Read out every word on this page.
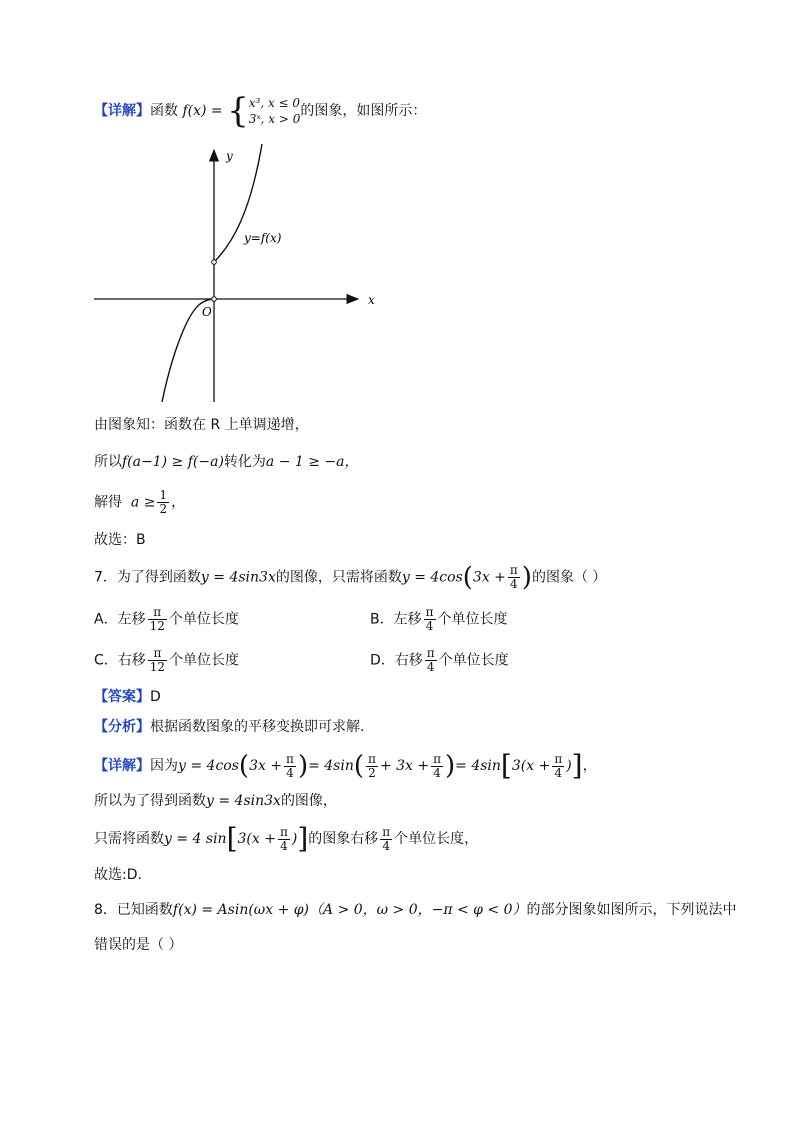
【详解】函数 f(x) = { x³, x ≤ 0
3ˣ, x > 0 的图象，如图所示：
y
x
O
y=f(x)
由图象知：函数在 R 上单调递增，
所以f(a−1) ≥ f(−a)转化为a − 1 ≥ −a，
解得 $a \ge \frac{1}{2}$ ，
故选：B
7．为了得到函数y = 4sin3x的图像，只需将函数$y = 4\cos(3x + \frac{\pi}{4}$ )的图象（ ）
A．左移 $\frac{\pi}{12}$ 个单位长度	B．左移 $\frac{\pi}{4}$ 个单位长度
C．右移 $\frac{\pi}{12}$ 个单位长度	D．右移 $\frac{\pi}{4}$ 个单位长度
【答案】D
【分析】根据函数图象的平移变换即可求解.
【详解】因为$y = 4\cos(3x + \frac{\pi}{4}$ )= $4\sin( \frac{\pi}{2} + 3x + \frac{\pi}{4}$ )= $4\sin[3(x + \frac{\pi}{4}$ )]，
所以为了得到函数y = 4sin3x的图像，
只需将函数y = 4 $\sin[3(x + \frac{\pi}{4}$ )]的图象右移 $\frac{\pi}{4}$ 个单位长度，
故选:D.
8．已知函数f(x) = Asin(ωx + φ)（A > 0，ω > 0，−π < φ < 0）的部分图象如图所示，下列说法中
错误的是（ ）
